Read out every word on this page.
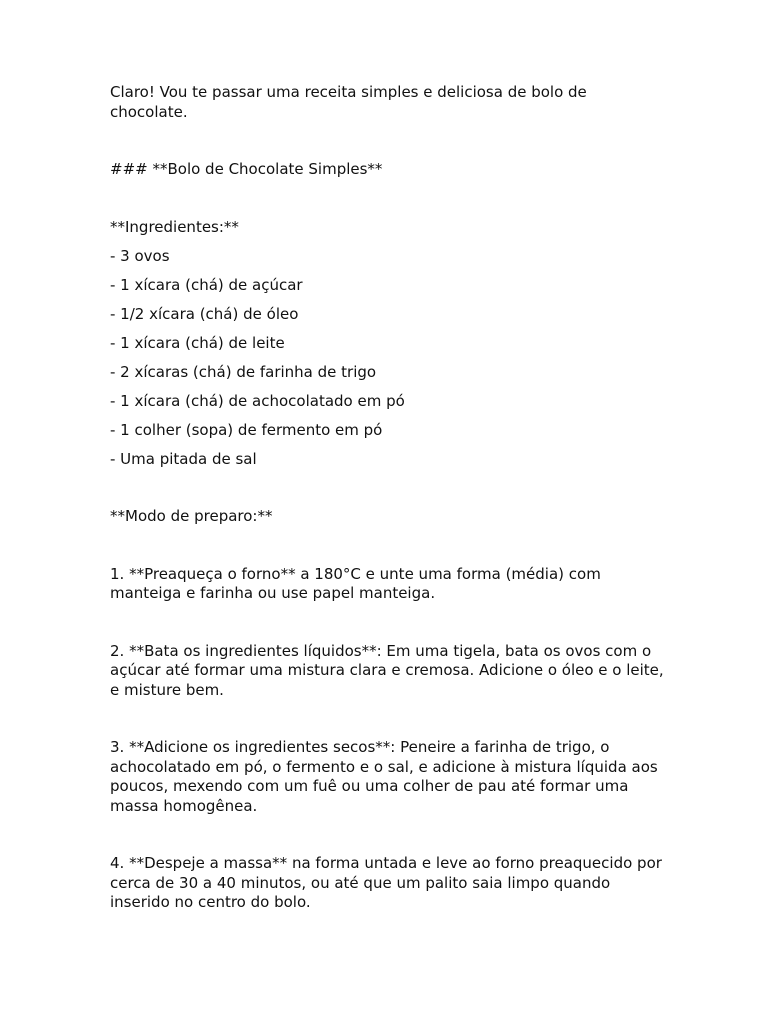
Claro! Vou te passar uma receita simples e deliciosa de bolo de chocolate.

### **Bolo de Chocolate Simples**

**Ingredientes:**

- 3 ovos

- 1 xícara (chá) de açúcar

- 1/2 xícara (chá) de óleo

- 1 xícara (chá) de leite

- 2 xícaras (chá) de farinha de trigo

- 1 xícara (chá) de achocolatado em pó

- 1 colher (sopa) de fermento em pó

- Uma pitada de sal

**Modo de preparo:**

1. **Preaqueça o forno** a 180°C e unte uma forma (média) com manteiga e farinha ou use papel manteiga.

2. **Bata os ingredientes líquidos**: Em uma tigela, bata os ovos com o açúcar até formar uma mistura clara e cremosa. Adicione o óleo e o leite, e misture bem.

3. **Adicione os ingredientes secos**: Peneire a farinha de trigo, o achocolatado em pó, o fermento e o sal, e adicione à mistura líquida aos poucos, mexendo com um fuê ou uma colher de pau até formar uma massa homogênea.

4. **Despeje a massa** na forma untada e leve ao forno preaquecido por cerca de 30 a 40 minutos, ou até que um palito saia limpo quando inserido no centro do bolo.
